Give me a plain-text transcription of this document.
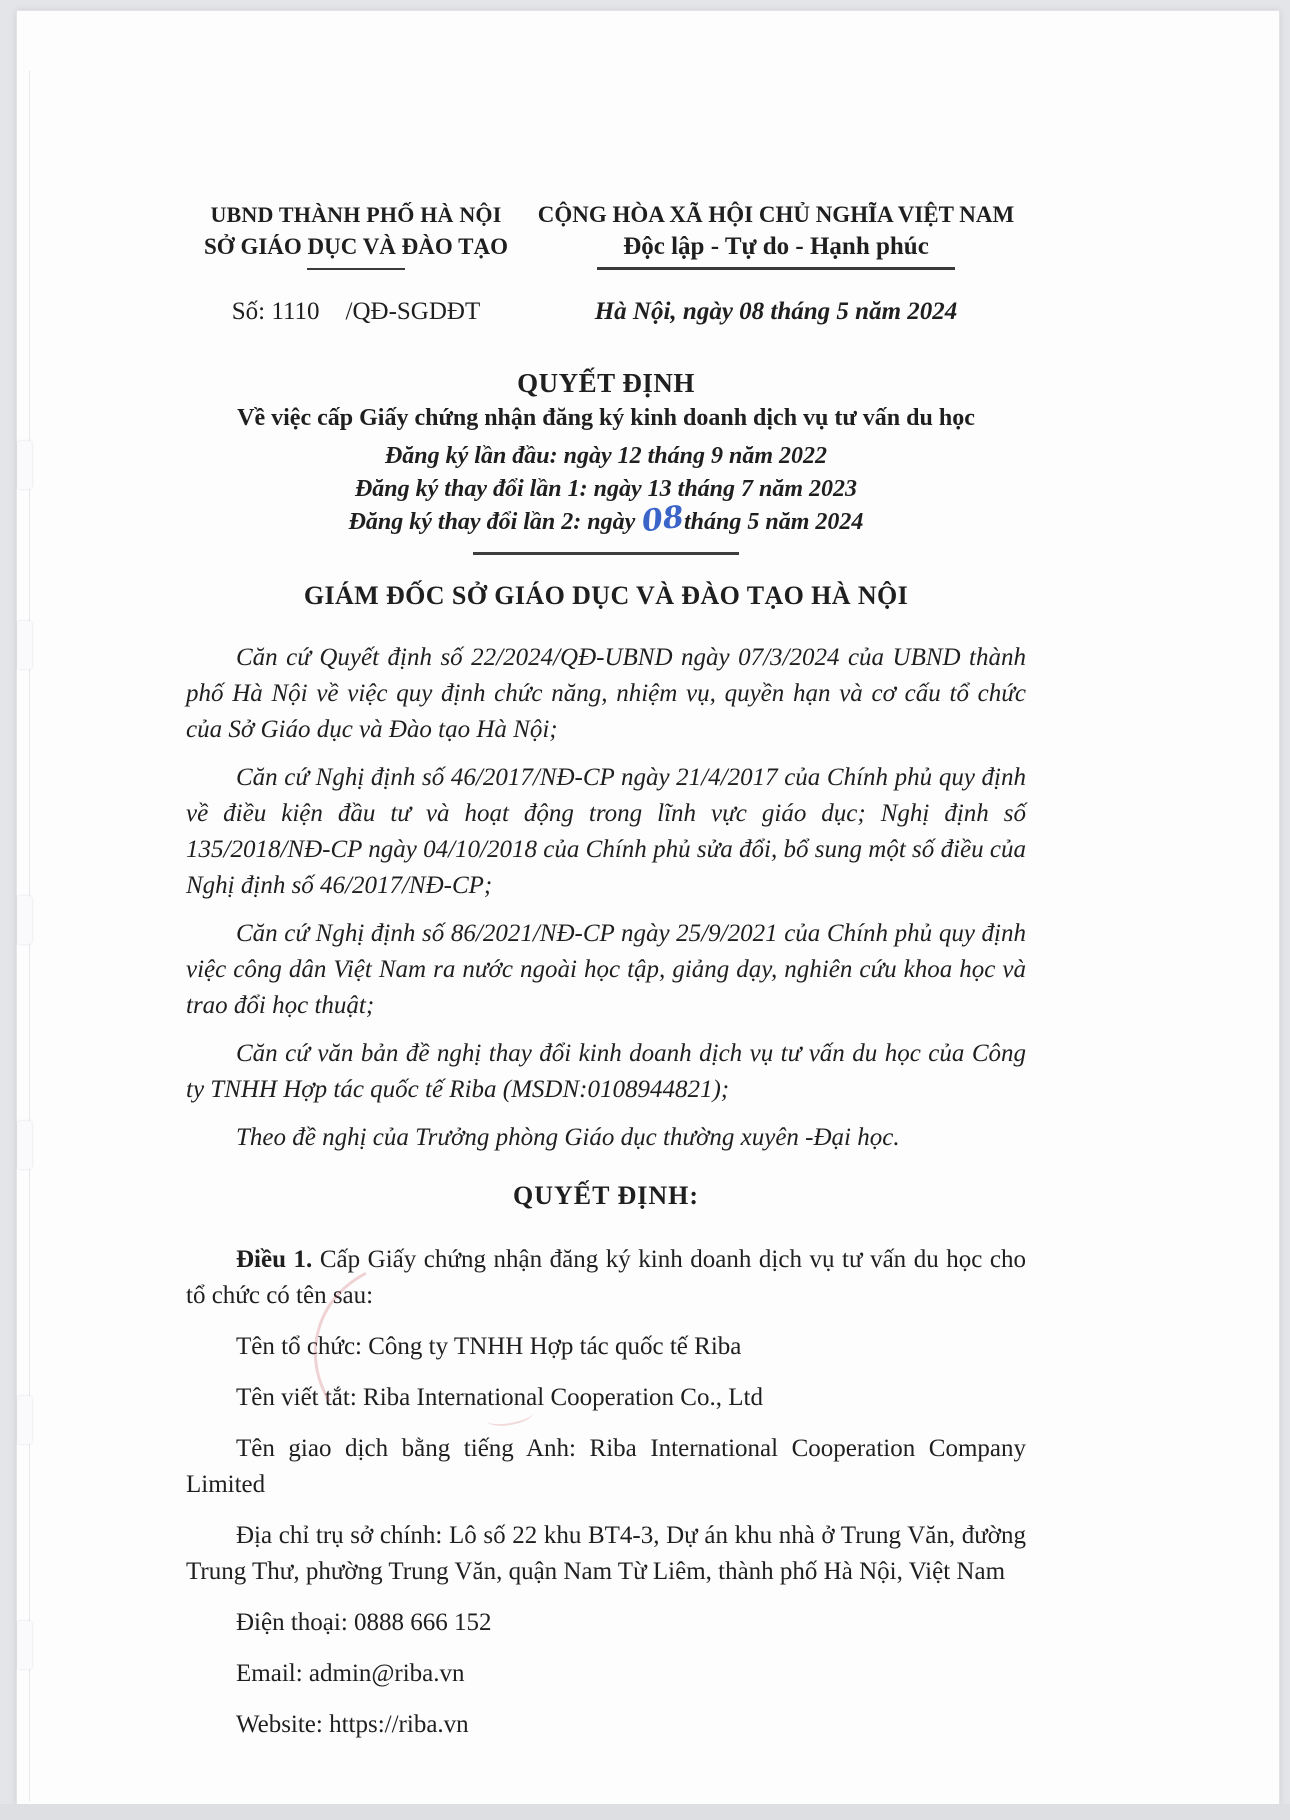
UBND THÀNH PHỐ HÀ NỘI
SỞ GIÁO DỤC VÀ ĐÀO TẠO
CỘNG HÒA XÃ HỘI CHỦ NGHĨA VIỆT NAM
Độc lập - Tự do - Hạnh phúc
Số: 1110 /QĐ-SGDĐT	Hà Nội, ngày 08 tháng 5 năm 2024
QUYẾT ĐỊNH
Về việc cấp Giấy chứng nhận đăng ký kinh doanh dịch vụ tư vấn du học
Đăng ký lần đầu: ngày 12 tháng 9 năm 2022
Đăng ký thay đổi lần 1: ngày 13 tháng 7 năm 2023
Đăng ký thay đổi lần 2: ngày 08tháng 5 năm 2024
GIÁM ĐỐC SỞ GIÁO DỤC VÀ ĐÀO TẠO HÀ NỘI

Căn cứ Quyết định số 22/2024/QĐ-UBND ngày 07/3/2024 của UBND thành phố Hà Nội về việc quy định chức năng, nhiệm vụ, quyền hạn và cơ cấu tổ chức của Sở Giáo dục và Đào tạo Hà Nội;

Căn cứ Nghị định số 46/2017/NĐ-CP ngày 21/4/2017 của Chính phủ quy định về điều kiện đầu tư và hoạt động trong lĩnh vực giáo dục; Nghị định số 135/2018/NĐ-CP ngày 04/10/2018 của Chính phủ sửa đổi, bổ sung một số điều của Nghị định số 46/2017/NĐ-CP;

Căn cứ Nghị định số 86/2021/NĐ-CP ngày 25/9/2021 của Chính phủ quy định việc công dân Việt Nam ra nước ngoài học tập, giảng dạy, nghiên cứu khoa học và trao đổi học thuật;

Căn cứ văn bản đề nghị thay đổi kinh doanh dịch vụ tư vấn du học của Công ty TNHH Hợp tác quốc tế Riba (MSDN:0108944821);

Theo đề nghị của Trưởng phòng Giáo dục thường xuyên -Đại học.

QUYẾT ĐỊNH:
Điều 1. Cấp Giấy chứng nhận đăng ký kinh doanh dịch vụ tư vấn du học cho tổ chức có tên sau:
Tên tổ chức: Công ty TNHH Hợp tác quốc tế Riba
Tên viết tắt: Riba International Cooperation Co., Ltd
Tên giao dịch bằng tiếng Anh: Riba International Cooperation Company Limited
Địa chỉ trụ sở chính: Lô số 22 khu BT4-3, Dự án khu nhà ở Trung Văn, đường Trung Thư, phường Trung Văn, quận Nam Từ Liêm, thành phố Hà Nội, Việt Nam
Điện thoại: 0888 666 152
Email: admin@riba.vn
Website: https://riba.vn
